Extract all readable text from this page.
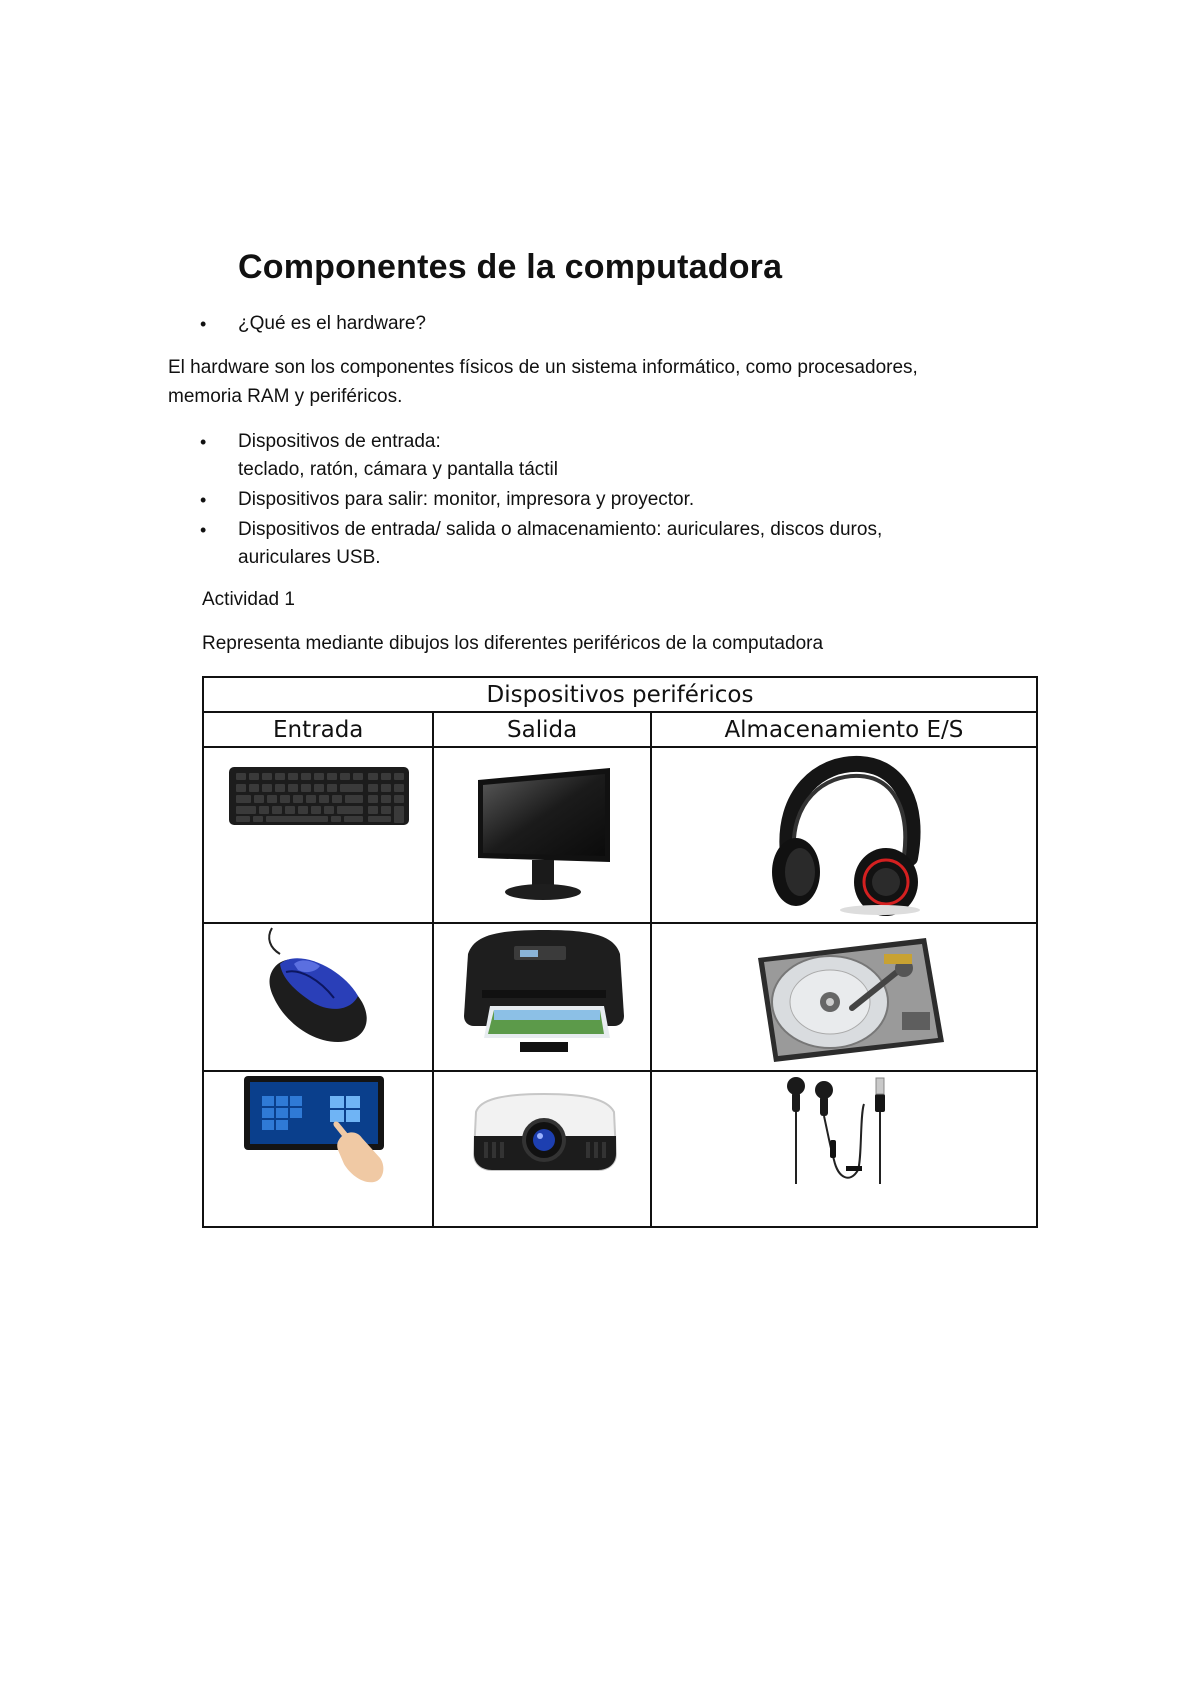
Componentes de la computadora
•	¿Qué es el hardware?
El hardware son los componentes físicos de un sistema informático, como procesadores,
memoria RAM y periféricos.
•	Dispositivos de entrada:
teclado, ratón, cámara y pantalla táctil
•	Dispositivos para salir: monitor, impresora y proyector.
•	Dispositivos de entrada/ salida o almacenamiento: auriculares, discos duros,
auriculares USB.
Actividad 1
Representa mediante dibujos los diferentes periféricos de la computadora
Dispositivos periféricos		
Entrada	Salida	Almacenamiento E/S
